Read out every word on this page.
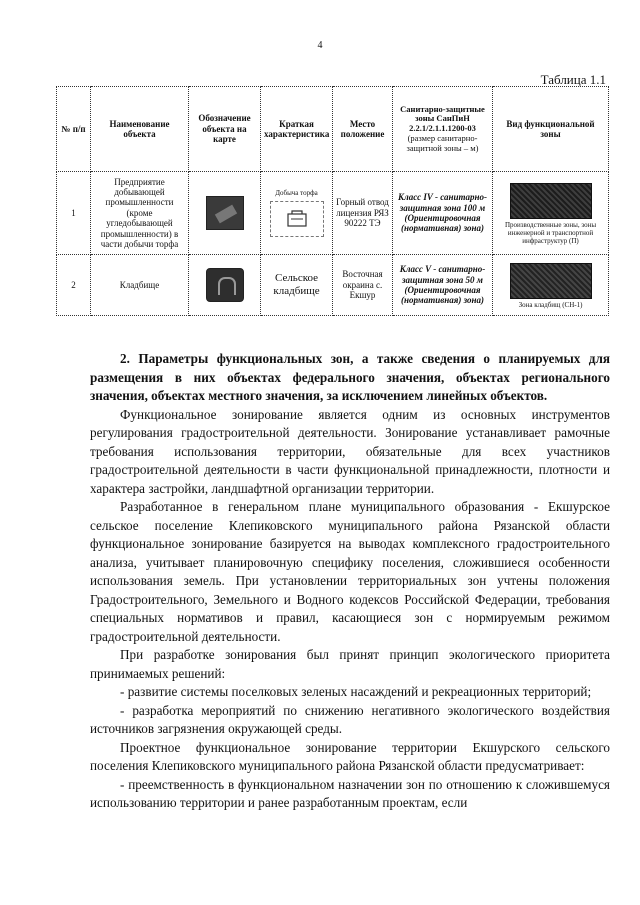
4
Таблица 1.1
№ п/п	Наименование объекта	Обозначение объекта на карте	Краткая характеристика	Место положение	Санитарно-защитные зоны СанПиН 2.2.1/2.1.1.1200-03 (размер санитарно-защитной зоны – м)	Вид функциональной зоны
1	Предприятие добывающей промышленности (кроме угледобывающей промышленности) в части добычи торфа		Добыча торфа	Горный отвод лицензия РЯЗ 90222 ТЭ	Класс IV - санитарно-защитная зона 100 м (Ориентировочная (нормативная) зона)	Производственные зоны, зоны инженерной и транспортной инфраструктур (П)

2	Кладбище		Сельское кладбище	Восточная окраина с. Екшур	Класс V - санитарно-защитная зона 50 м (Ориентировочная (нормативная) зона)	Зона кладбищ (СН-1)

2. Параметры функциональных зон, а также сведения о планируемых для размещения в них объектах федерального значения, объектах регионального значения, объектах местного значения, за исключением линейных объектов.

Функциональное зонирование является одним из основных инструментов регулирования градостроительной деятельности. Зонирование устанавливает рамочные требования использования территории, обязательные для всех участников градостроительной деятельности в части функциональной принадлежности, плотности и характера застройки, ландшафтной организации территории.

Разработанное в генеральном плане муниципального образования - Екшурское сельское поселение Клепиковского муниципального района Рязанской области функциональное зонирование базируется на выводах комплексного градостроительного анализа, учитывает планировочную специфику поселения, сложившиеся особенности использования земель. При установлении территориальных зон учтены положения Градостроительного, Земельного и Водного кодексов Российской Федерации, требования специальных нормативов и правил, касающиеся зон с нормируемым режимом градостроительной деятельности.

При разработке зонирования был принят принцип экологического приоритета принимаемых решений:

- развитие системы поселковых зеленых насаждений и рекреационных территорий;

- разработка мероприятий по снижению негативного экологического воздействия источников загрязнения окружающей среды.

Проектное функциональное зонирование территории Екшурского сельского поселения Клепиковского муниципального района Рязанской области предусматривает:

- преемственность в функциональном назначении зон по отношению к сложившемуся использованию территории и ранее разработанным проектам, если
